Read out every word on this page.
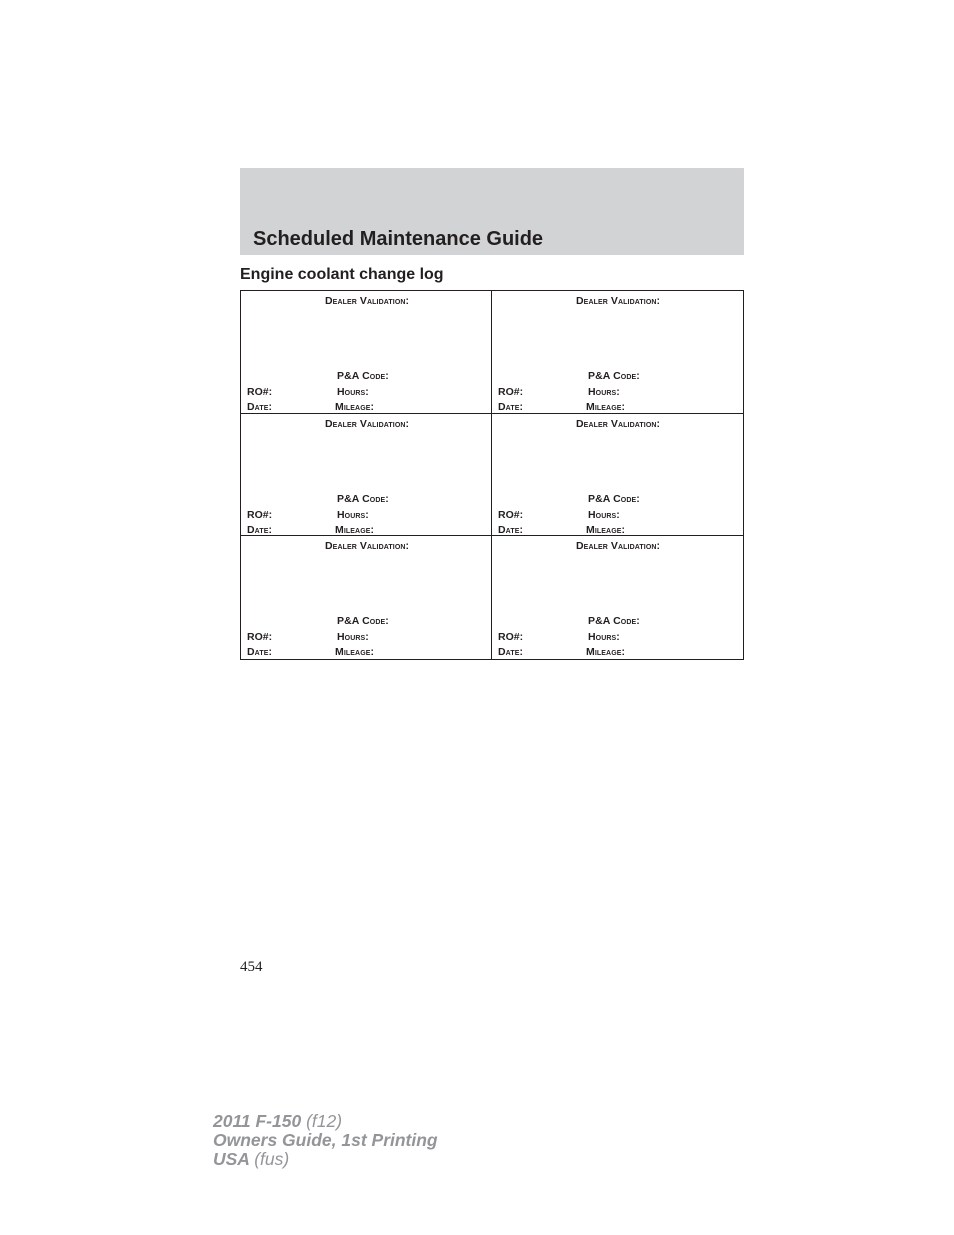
Scheduled Maintenance Guide
Engine coolant change log
Dealer Validation:
P&A Code:
RO#:	Hours:
Date:	Mileage:
Dealer Validation:
P&A Code:
RO#:	Hours:
Date:	Mileage:
Dealer Validation:
P&A Code:
RO#:	Hours:
Date:	Mileage:
Dealer Validation:
P&A Code:
RO#:	Hours:
Date:	Mileage:
Dealer Validation:
P&A Code:
RO#:	Hours:
Date:	Mileage:
Dealer Validation:
P&A Code:
RO#:	Hours:
Date:	Mileage:
454
2011 F-150 (f12)
Owners Guide, 1st Printing
USA (fus)
